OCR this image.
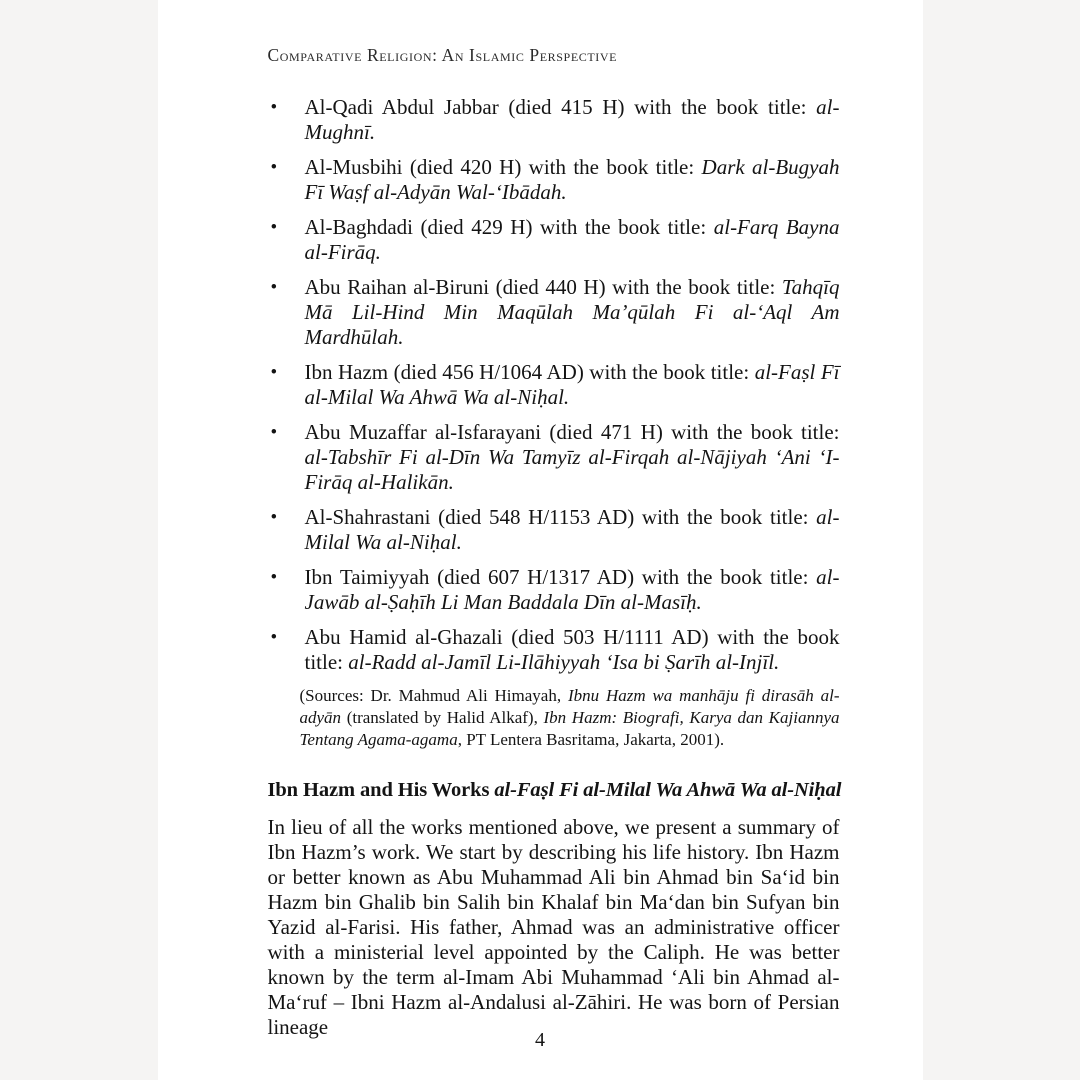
Comparative Religion: An Islamic Perspective
• Al-Qadi Abdul Jabbar (died 415 H) with the book title: al-Mughnī.
• Al-Musbihi (died 420 H) with the book title: Dark al-Bugyah Fī Waṣf al-Adyān Wal-ʻIbādah.
• Al-Baghdadi (died 429 H) with the book title: al-Farq Bayna al-Firāq.
• Abu Raihan al-Biruni (died 440 H) with the book title: Tahqīq Mā Lil-Hind Min Maqūlah Ma’qūlah Fi al-ʻAql Am Mardhūlah.
• Ibn Hazm (died 456 H/1064 AD) with the book title: al-Faṣl Fī al-Milal Wa Ahwā Wa al-Niḥal.
• Abu Muzaffar al-Isfarayani (died 471 H) with the book title: al-Tabshīr Fi al-Dīn Wa Tamyīz al-Firqah al-Nājiyah ʻAni ʻI-Firāq al-Halikān.
• Al-Shahrastani (died 548 H/1153 AD) with the book title: al-Milal Wa al-Niḥal.
• Ibn Taimiyyah (died 607 H/1317 AD) with the book title: al-Jawāb al-Ṣaḥīh Li Man Baddala Dīn al-Masīḥ.
• Abu Hamid al-Ghazali (died 503 H/1111 AD) with the book title: al-Radd al-Jamīl Li-Ilāhiyyah ʻIsa bi Ṣarīh al-Injīl.

(Sources: Dr. Mahmud Ali Himayah, Ibnu Hazm wa manhāju fi dirasāh al-adyān (translated by Halid Alkaf), Ibn Hazm: Biografi, Karya dan Kajiannya Tentang Agama-agama, PT Lentera Basritama, Jakarta, 2001).

Ibn Hazm and His Works al-Faṣl Fi al-Milal Wa Ahwā Wa al-Niḥal

In lieu of all the works mentioned above, we present a summary of Ibn Hazm’s work. We start by describing his life history. Ibn Hazm or better known as Abu Muhammad Ali bin Ahmad bin Saʻid bin Hazm bin Ghalib bin Salih bin Khalaf bin Maʻdan bin Sufyan bin Yazid al-Farisi. His father, Ahmad was an administrative officer with a ministerial level appointed by the Caliph. He was better known by the term al-Imam Abi Muhammad ʻAli bin Ahmad al-Maʻruf – Ibni Hazm al-Andalusi al-Zāhiri. He was born of Persian lineage

4
